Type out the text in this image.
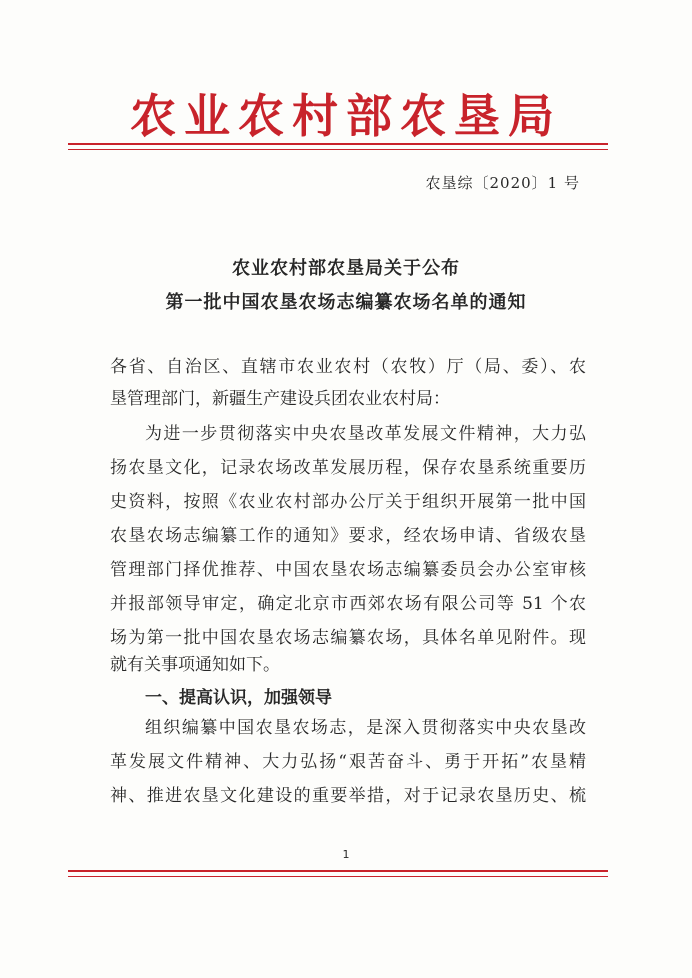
农业农村部农垦局
农垦综〔2020〕1 号
农业农村部农垦局关于公布
第一批中国农垦农场志编纂农场名单的通知
各省、自治区、直辖市农业农村（农牧）厅（局、委）、农
垦管理部门，新疆生产建设兵团农业农村局：
为进一步贯彻落实中央农垦改革发展文件精神，大力弘
扬农垦文化，记录农场改革发展历程，保存农垦系统重要历
史资料，按照《农业农村部办公厅关于组织开展第一批中国
农垦农场志编纂工作的通知》要求，经农场申请、省级农垦
管理部门择优推荐、中国农垦农场志编纂委员会办公室审核
并报部领导审定，确定北京市西郊农场有限公司等 51 个农
场为第一批中国农垦农场志编纂农场，具体名单见附件。现
就有关事项通知如下。
一、提高认识，加强领导
组织编纂中国农垦农场志，是深入贯彻落实中央农垦改
革发展文件精神、大力弘扬“艰苦奋斗、勇于开拓”农垦精
神、推进农垦文化建设的重要举措，对于记录农垦历史、梳
1
